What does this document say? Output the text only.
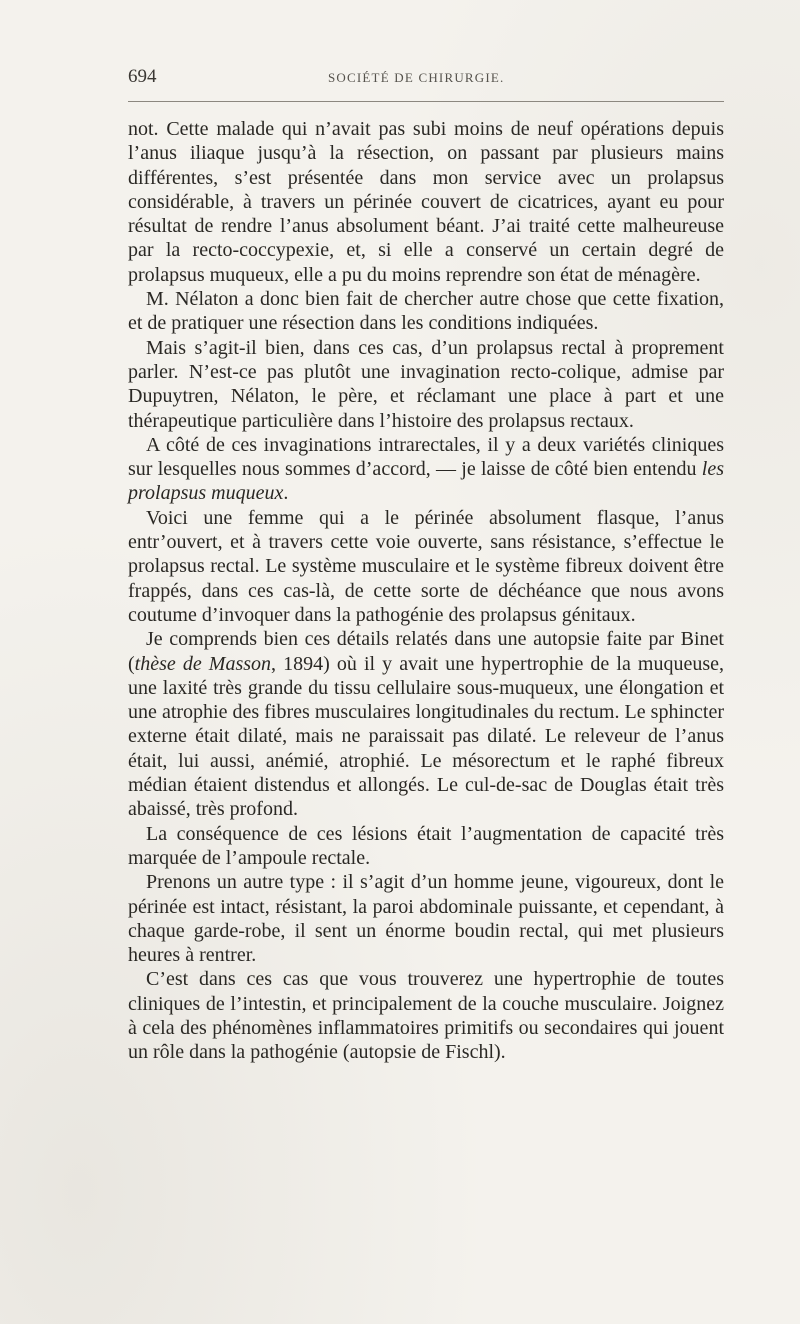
694	SOCIÉTÉ DE CHIRURGIE.

not. Cette malade qui n’avait pas subi moins de neuf opérations depuis l’anus iliaque jusqu’à la résection, on passant par plusieurs mains différentes, s’est présentée dans mon service avec un prolapsus considérable, à travers un périnée couvert de cicatrices, ayant eu pour résultat de rendre l’anus absolument béant. J’ai traité cette malheureuse par la recto-coccypexie, et, si elle a conservé un certain degré de prolapsus muqueux, elle a pu du moins reprendre son état de ménagère.

M. Nélaton a donc bien fait de chercher autre chose que cette fixation, et de pratiquer une résection dans les conditions indiquées.

Mais s’agit-il bien, dans ces cas, d’un prolapsus rectal à proprement parler. N’est-ce pas plutôt une invagination recto-colique, admise par Dupuytren, Nélaton, le père, et réclamant une place à part et une thérapeutique particulière dans l’histoire des prolapsus rectaux.

A côté de ces invaginations intrarectales, il y a deux variétés cliniques sur lesquelles nous sommes d’accord, — je laisse de côté bien entendu les prolapsus muqueux.

Voici une femme qui a le périnée absolument flasque, l’anus entr’ouvert, et à travers cette voie ouverte, sans résistance, s’effectue le prolapsus rectal. Le système musculaire et le système fibreux doivent être frappés, dans ces cas-là, de cette sorte de déchéance que nous avons coutume d’invoquer dans la pathogénie des prolapsus génitaux.

Je comprends bien ces détails relatés dans une autopsie faite par Binet (thèse de Masson, 1894) où il y avait une hypertrophie de la muqueuse, une laxité très grande du tissu cellulaire sous-muqueux, une élongation et une atrophie des fibres musculaires longitudinales du rectum. Le sphincter externe était dilaté, mais ne paraissait pas dilaté. Le releveur de l’anus était, lui aussi, anémié, atrophié. Le mésorectum et le raphé fibreux médian étaient distendus et allongés. Le cul-de-sac de Douglas était très abaissé, très profond.

La conséquence de ces lésions était l’augmentation de capacité très marquée de l’ampoule rectale.

Prenons un autre type : il s’agit d’un homme jeune, vigoureux, dont le périnée est intact, résistant, la paroi abdominale puissante, et cependant, à chaque garde-robe, il sent un énorme boudin rectal, qui met plusieurs heures à rentrer.

C’est dans ces cas que vous trouverez une hypertrophie de toutes cliniques de l’intestin, et principalement de la couche musculaire. Joignez à cela des phénomènes inflammatoires primitifs ou secondaires qui jouent un rôle dans la pathogénie (autopsie de Fischl).
